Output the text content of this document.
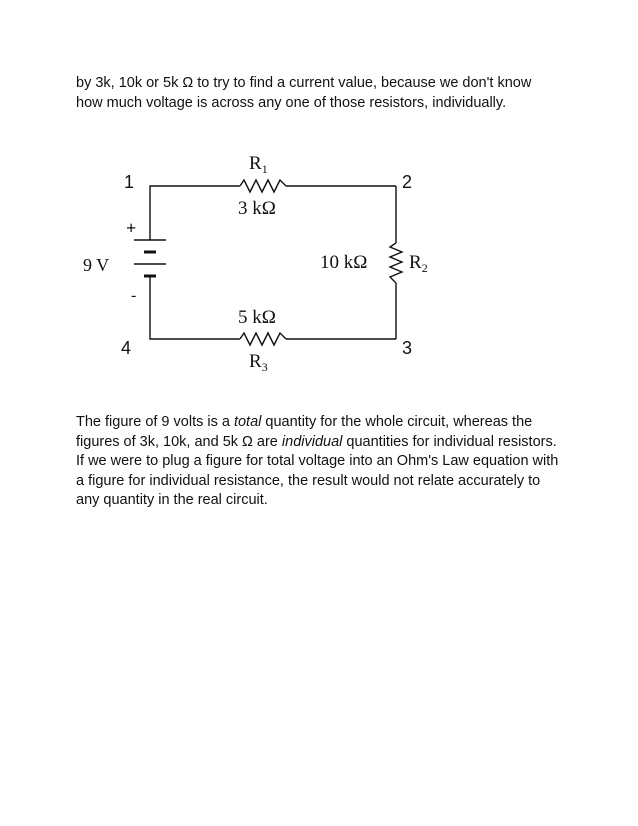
by 3k, 10k or 5k Ω to try to find a current value, because we don't know

how much voltage is across any one of those resistors, individually.

1	2
3
4
9 V
+
-
$R_1$
3 kΩ
10 kΩ $R_2$
5 kΩ
$R_3$

The figure of 9 volts is a total quantity for the whole circuit, whereas the

figures of 3k, 10k, and 5k Ω are individual quantities for individual resistors.

If we were to plug a figure for total voltage into an Ohm's Law equation with

a figure for individual resistance, the result would not relate accurately to

any quantity in the real circuit.
